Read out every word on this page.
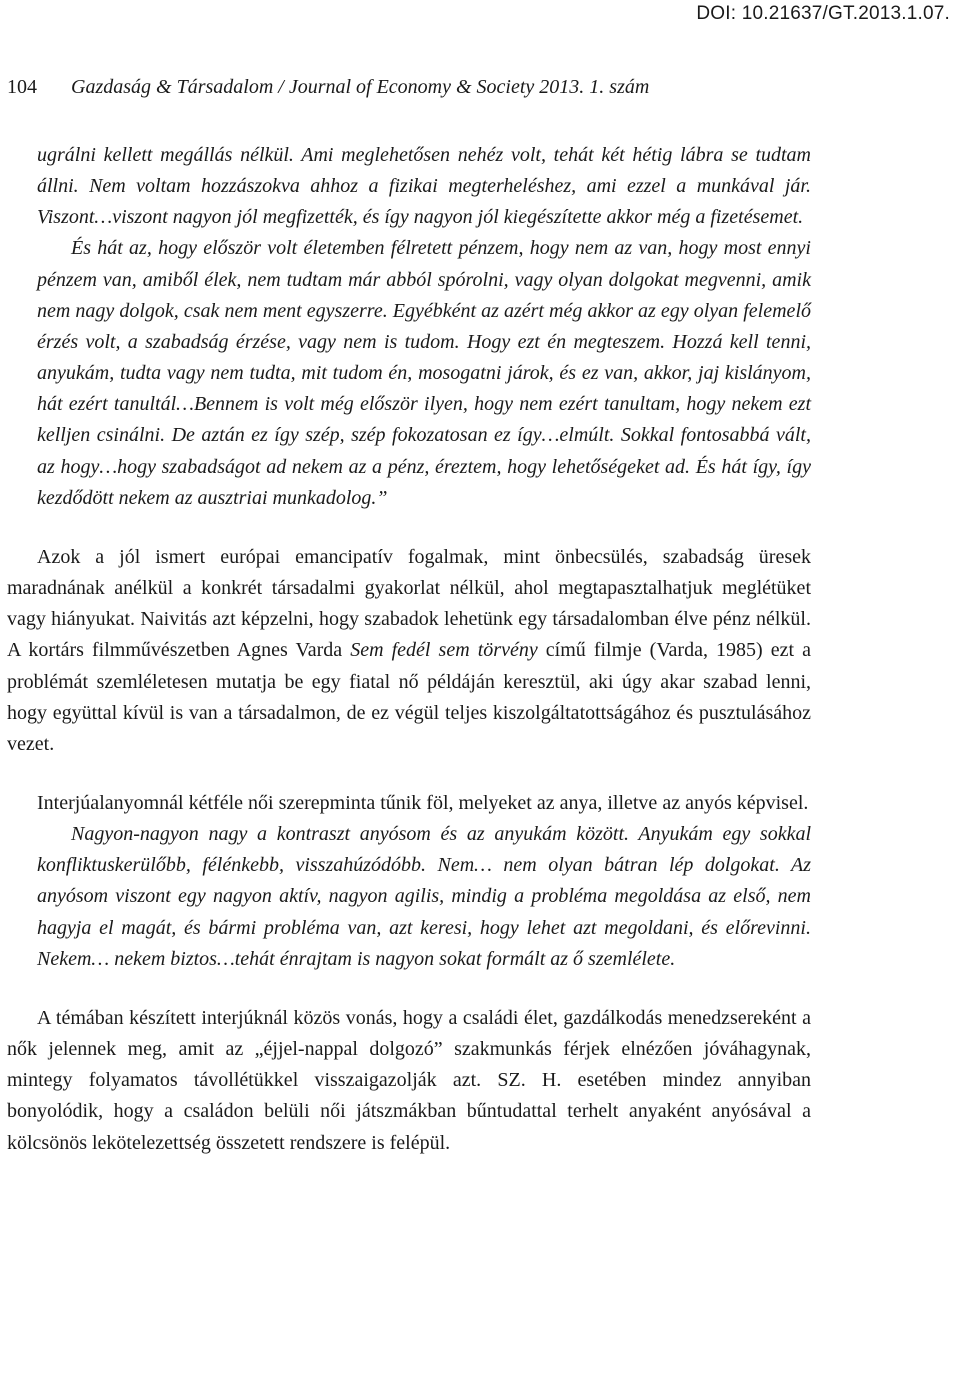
DOI: 10.21637/GT.2013.1.07.
104 Gazdaság & Társadalom / Journal of Economy & Society 2013. 1. szám

ugrálni kellett megállás nélkül. Ami meglehetősen nehéz volt, tehát két hétig lábra se tudtam állni. Nem voltam hozzászokva ahhoz a fizikai megterheléshez, ami ezzel a munkával jár. Viszont…viszont nagyon jól megfizették, és így nagyon jól kiegészítette akkor még a fizetésemet.

És hát az, hogy először volt életemben félretett pénzem, hogy nem az van, hogy most ennyi pénzem van, amiből élek, nem tudtam már abból spórolni, vagy olyan dolgokat megvenni, amik nem nagy dolgok, csak nem ment egyszerre. Egyébként az azért még akkor az egy olyan felemelő érzés volt, a szabadság érzése, vagy nem is tudom. Hogy ezt én megteszem. Hozzá kell tenni, anyukám, tudta vagy nem tudta, mit tudom én, mosogatni járok, és ez van, akkor, jaj kislányom, hát ezért tanultál…Bennem is volt még először ilyen, hogy nem ezért tanultam, hogy nekem ezt kelljen csinálni. De aztán ez így szép, szép fokozatosan ez így…elmúlt. Sokkal fontosabbá vált, az hogy…hogy szabadságot ad nekem az a pénz, éreztem, hogy lehetőségeket ad. És hát így, így kezdődött nekem az ausztriai munkadolog.”

Azok a jól ismert európai emancipatív fogalmak, mint önbecsülés, szabadság üresek maradnának anélkül a konkrét társadalmi gyakorlat nélkül, ahol megtapasztalhatjuk meglétüket vagy hiányukat. Naivitás azt képzelni, hogy szabadok lehetünk egy társadalomban élve pénz nélkül. A kortárs filmművészetben Agnes Varda Sem fedél sem törvény című filmje (Varda, 1985) ezt a problémát szemléletesen mutatja be egy fiatal nő példáján keresztül, aki úgy akar szabad lenni, hogy együttal kívül is van a társadalmon, de ez végül teljes kiszolgáltatottságához és pusztulásához vezet.

Interjúalanyomnál kétféle női szerepminta tűnik föl, melyeket az anya, illetve az anyós képvisel.

Nagyon-nagyon nagy a kontraszt anyósom és az anyukám között. Anyukám egy sokkal konfliktuskerülőbb, félénkebb, visszahúzódóbb. Nem… nem olyan bátran lép dolgokat. Az anyósom viszont egy nagyon aktív, nagyon agilis, mindig a probléma megoldása az első, nem hagyja el magát, és bármi probléma van, azt keresi, hogy lehet azt megoldani, és előrevinni. Nekem… nekem biztos…tehát énrajtam is nagyon sokat formált az ő szemlélete.

A témában készített interjúknál közös vonás, hogy a családi élet, gazdálkodás menedzsereként a nők jelennek meg, amit az „éjjel-nappal dolgozó” szakmunkás férjek elnézően jóváhagynak, mintegy folyamatos távollétükkel visszaigazolják azt. SZ. H. esetében mindez annyiban bonyolódik, hogy a családon belüli női játszmákban bűntudattal terhelt anyaként anyósával a kölcsönös lekötelezettség összetett rendszere is felépül.
